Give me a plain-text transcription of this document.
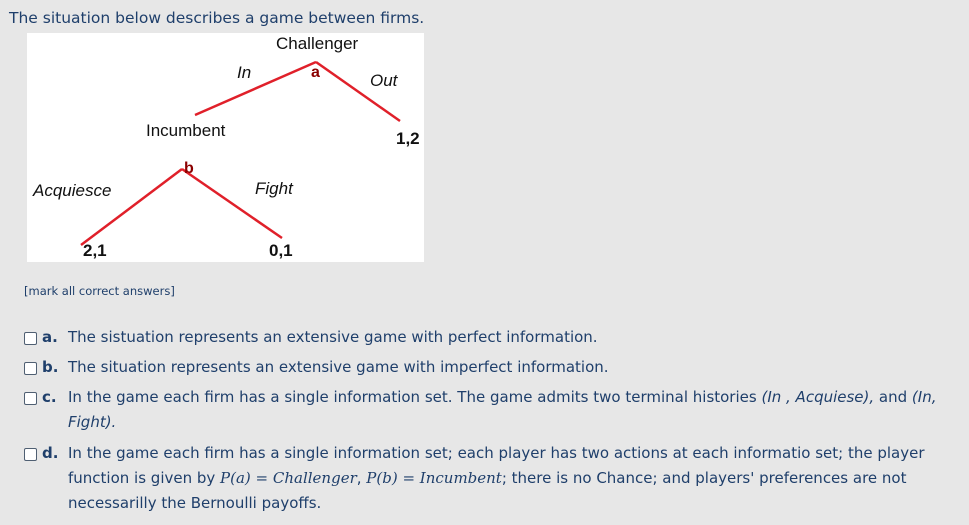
The situation below describes a game between firms.
Challenger
a
In	Out
1,2
Incumbent
b
Acquiesce	Fight
2,1	0,1
[mark all correct answers]
a. The sistuation represents an extensive game with perfect information.
b. The situation represents an extensive game with imperfect information.
c. In the game each firm has a single information set. The game admits two terminal histories (In , Acquiese), and (In, Fight).
d. In the game each firm has a single information set; each player has two actions at each informatio set; the player function is given by P(a) = Challenger, P(b) = Incumbent; there is no Chance; and players' preferences are not necessarilly the Bernoulli payoffs.
